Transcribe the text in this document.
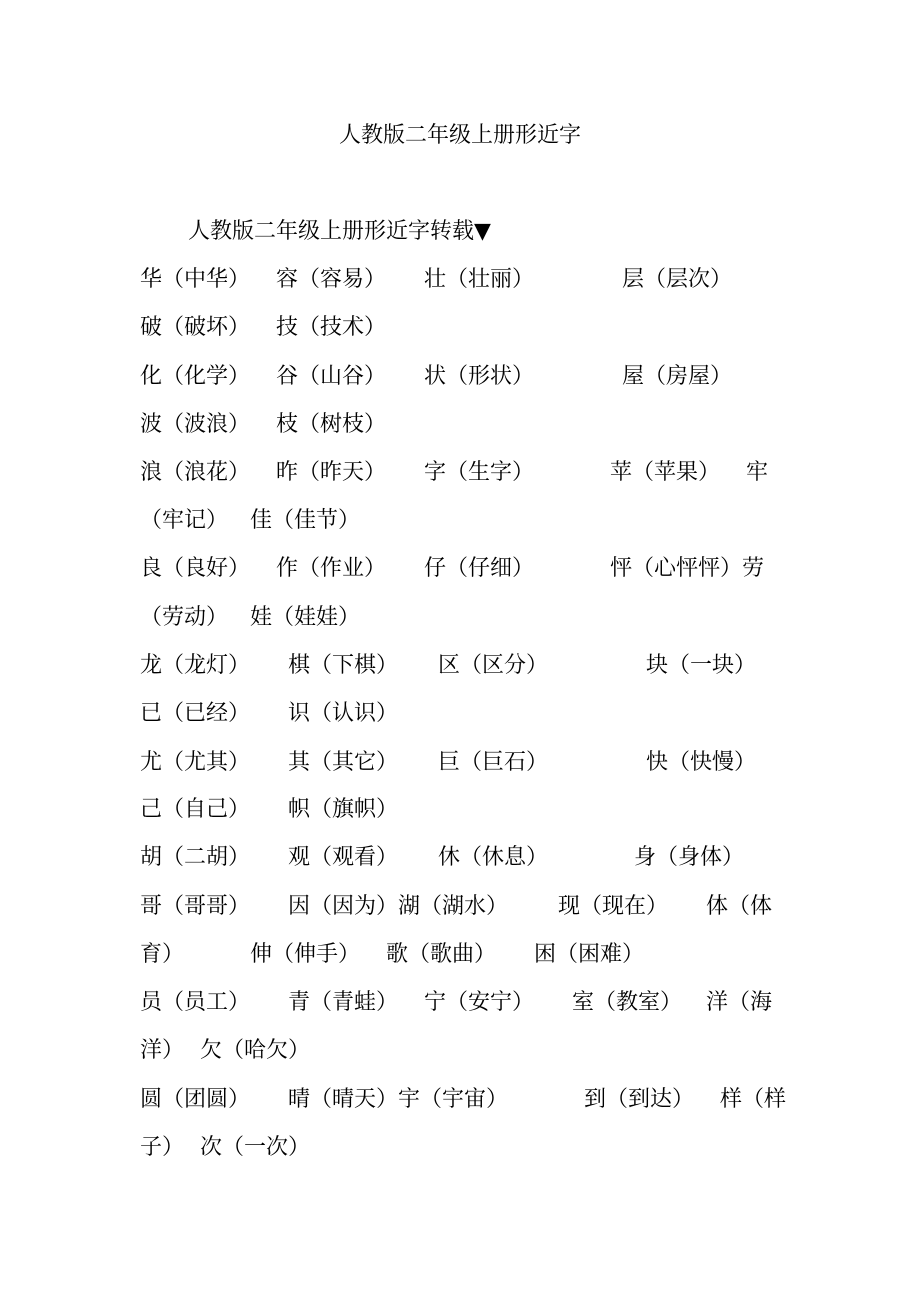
人教版二年级上册形近字
人教版二年级上册形近字转载▼
华（中华） 容（容易） 壮（壮丽）	层（层次）
破（破坏） 技（技术）
化（化学） 谷（山谷） 状（形状）	屋（房屋）
波（波浪） 枝（树枝）
浪（浪花） 昨（昨天） 字（生字）	苹（苹果） 牢
（牢记） 佳（佳节）
良（良好） 作（作业） 仔（仔细）	怦（心怦怦）劳
（劳动） 娃（娃娃）
龙（龙灯） 棋（下棋） 区（区分）	块（一块）
已（已经） 识（认识）
尤（尤其） 其（其它） 巨（巨石）	快（快慢）
己（自己） 帜（旗帜）
胡（二胡） 观（观看） 休（休息）	身（身体）
哥（哥哥） 因（因为）湖（湖水） 现（现在） 体（体
育）	伸（伸手） 歌（歌曲） 困（困难）
员（员工） 青（青蛙） 宁（安宁） 室（教室） 洋（海
洋） 欠（哈欠）
圆（团圆） 晴（晴天）宇（宇宙）	到（到达） 样（样
子） 次（一次）
